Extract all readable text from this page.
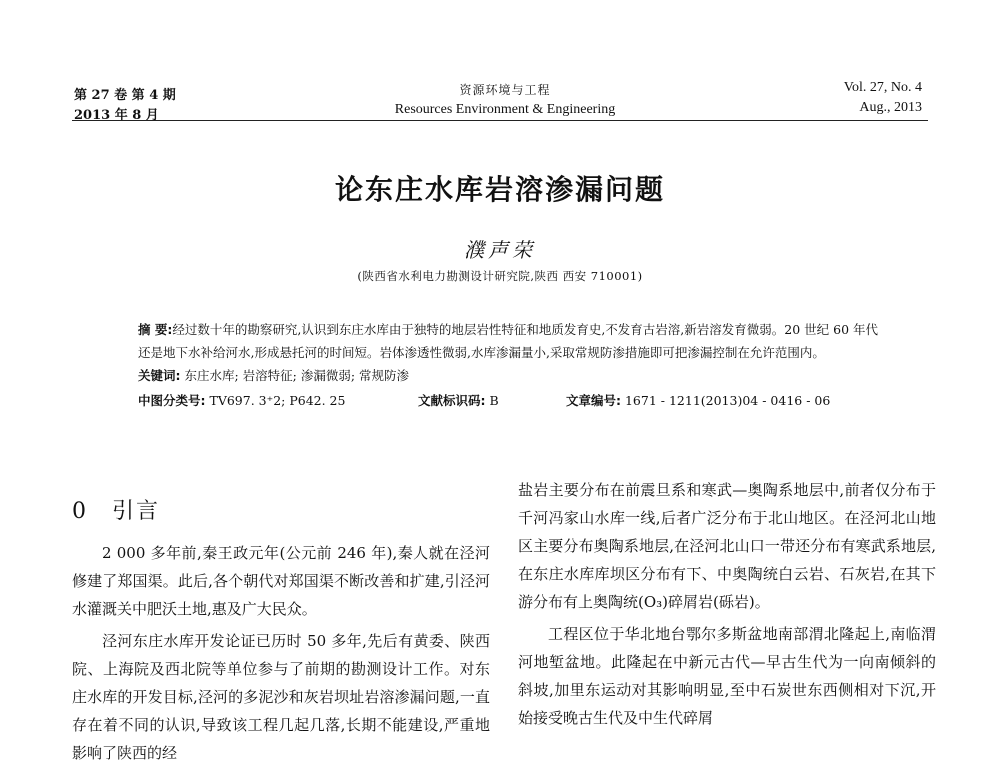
第 27 卷 第 4 期
2013 年 8 月
资源环境与工程
Resources Environment & Engineering
Vol. 27, No. 4
Aug., 2013
论东庄水库岩溶渗漏问题
濮声荣
(陕西省水利电力勘测设计研究院,陕西 西安 710001)

摘 要:经过数十年的勘察研究,认识到东庄水库由于独特的地层岩性特征和地质发育史,不发育古岩溶,新岩溶发育微弱。20 世纪 60 年代还是地下水补给河水,形成悬托河的时间短。岩体渗透性微弱,水库渗漏量小,采取常规防渗措施即可把渗漏控制在允许范围内。

关键词: 东庄水库; 岩溶特征; 渗漏微弱; 常规防渗

中图分类号: TV697. 3⁺2; P642. 25	文献标识码: B	文章编号: 1671 - 1211(2013)04 - 0416 - 06
0 引言

2 000 多年前,秦王政元年(公元前 246 年),秦人就在泾河修建了郑国渠。此后,各个朝代对郑国渠不断改善和扩建,引泾河水灌溉关中肥沃土地,惠及广大民众。

泾河东庄水库开发论证已历时 50 多年,先后有黄委、陕西院、上海院及西北院等单位参与了前期的勘测设计工作。对东庄水库的开发目标,泾河的多泥沙和灰岩坝址岩溶渗漏问题,一直存在着不同的认识,导致该工程几起几落,长期不能建设,严重地影响了陕西的经

盐岩主要分布在前震旦系和寒武—奥陶系地层中,前者仅分布于千河冯家山水库一线,后者广泛分布于北山地区。在泾河北山地区主要分布奥陶系地层,在泾河北山口一带还分布有寒武系地层,在东庄水库库坝区分布有下、中奥陶统白云岩、石灰岩,在其下游分布有上奥陶统(O₃)碎屑岩(砾岩)。

工程区位于华北地台鄂尔多斯盆地南部渭北隆起上,南临渭河地堑盆地。此隆起在中新元古代—早古生代为一向南倾斜的斜坡,加里东运动对其影响明显,至中石炭世东西侧相对下沉,开始接受晚古生代及中生代碎屑
